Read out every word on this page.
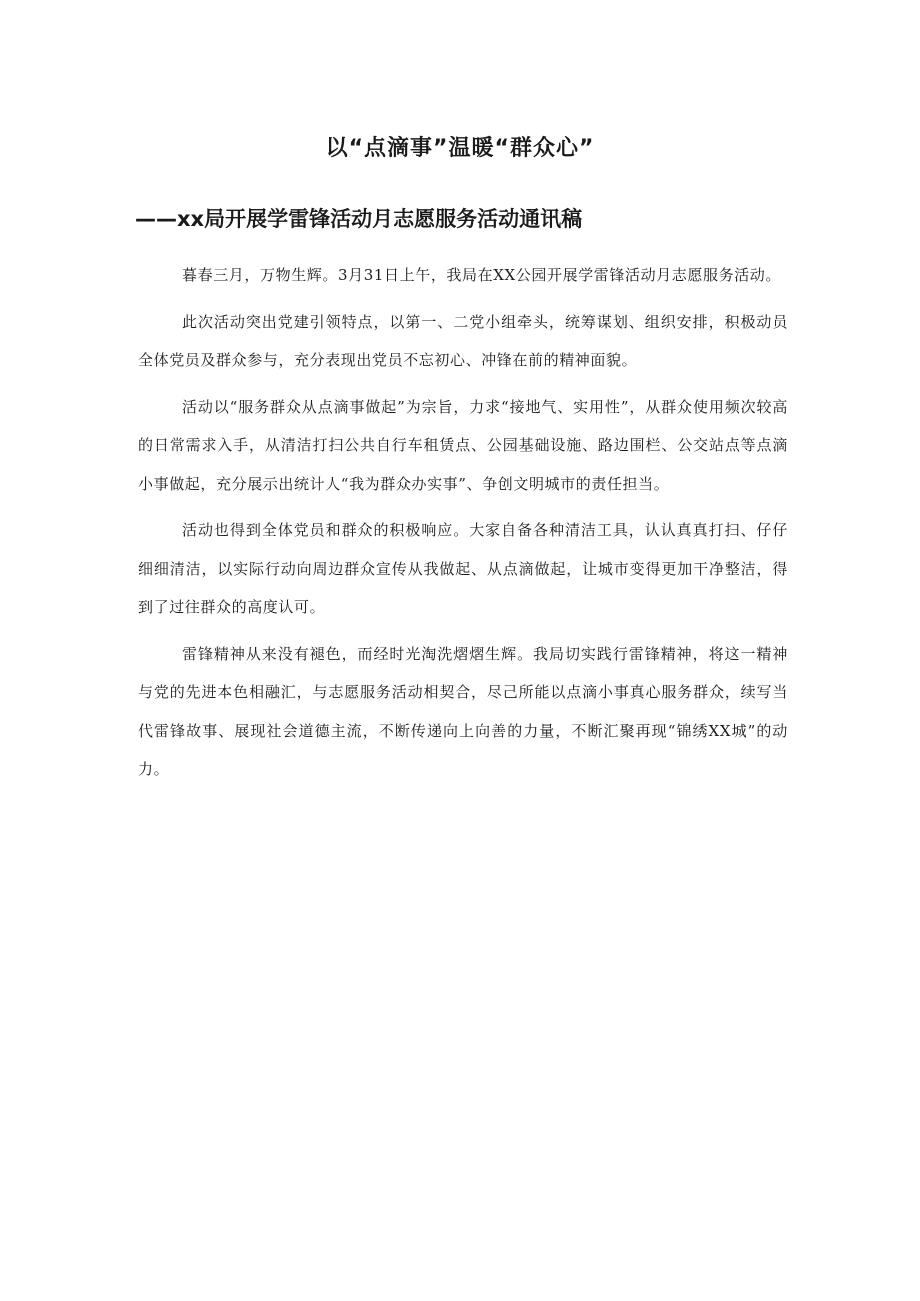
以“点滴事”温暖“群众心”
——xx局开展学雷锋活动月志愿服务活动通讯稿

暮春三月，万物生辉。3月31日上午，我局在XX公园开展学雷锋活动月志愿服务活动。

此次活动突出党建引领特点，以第一、二党小组牵头，统筹谋划、组织安排，积极动员全体党员及群众参与，充分表现出党员不忘初心、冲锋在前的精神面貌。

活动以“服务群众从点滴事做起”为宗旨，力求“接地气、实用性”，从群众使用频次较高的日常需求入手，从清洁打扫公共自行车租赁点、公园基础设施、路边围栏、公交站点等点滴小事做起，充分展示出统计人“我为群众办实事”、争创文明城市的责任担当。

活动也得到全体党员和群众的积极响应。大家自备各种清洁工具，认认真真打扫、仔仔细细清洁，以实际行动向周边群众宣传从我做起、从点滴做起，让城市变得更加干净整洁，得到了过往群众的高度认可。

雷锋精神从来没有褪色，而经时光淘洗熠熠生辉。我局切实践行雷锋精神，将这一精神与党的先进本色相融汇，与志愿服务活动相契合，尽己所能以点滴小事真心服务群众，续写当代雷锋故事、展现社会道德主流，不断传递向上向善的力量，不断汇聚再现“锦绣XX城”的动力。
